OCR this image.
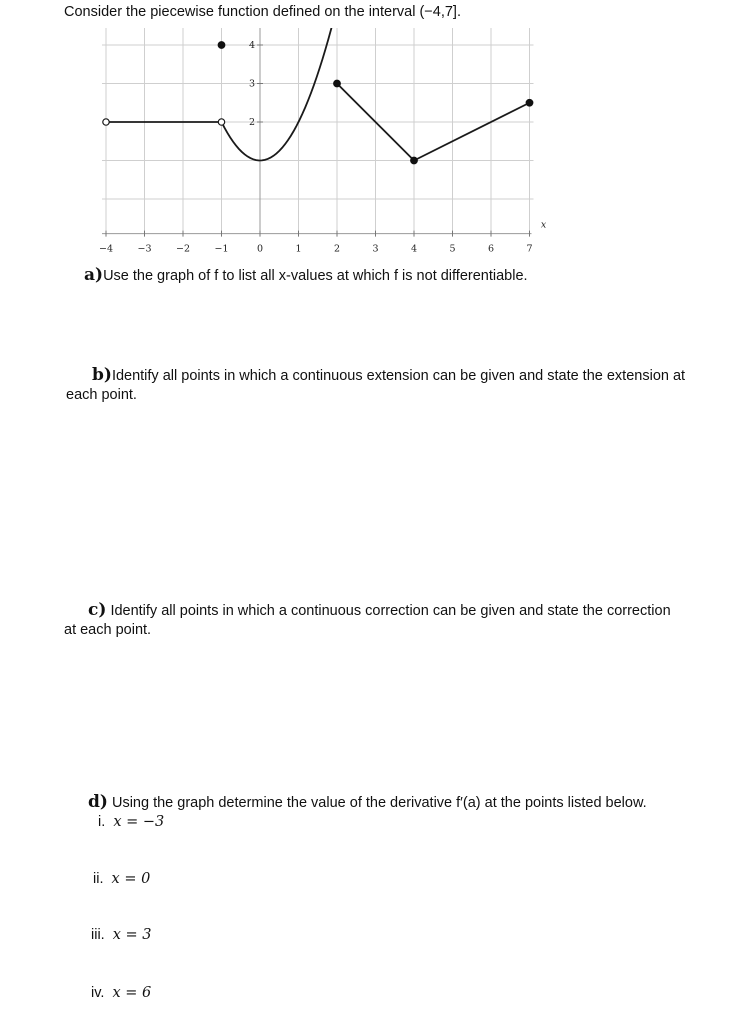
Consider the piecewise function defined on the interval (−4,7].
−4	−3	−2	−1	0	1	2	3	4	5	6	7
2
3
4
x
a)Use the graph of f to list all x-values at which f is not differentiable.
b)Identify all points in which a continuous extension can be given and state the extension at
each point.
c) Identify all points in which a continuous correction can be given and state the correction
at each point.
d) Using the graph determine the value of the derivative f′(a) at the points listed below.
i. x = −3
ii. x = 0
iii. x = 3
iv. x = 6
